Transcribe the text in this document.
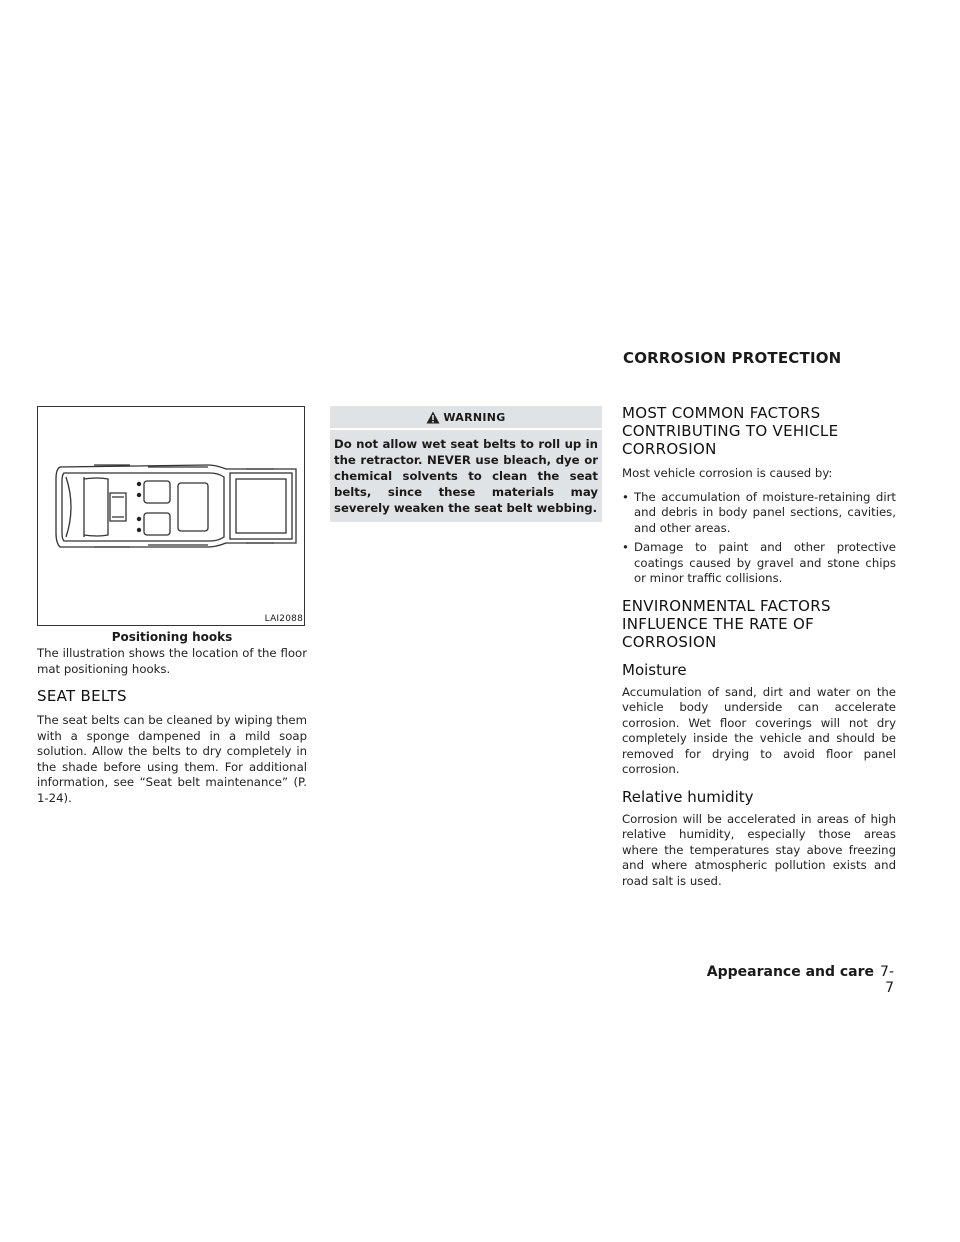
CORROSION PROTECTION
LAI2088
Positioning hooks

The illustration shows the location of the floor mat positioning hooks.

SEAT BELTS

The seat belts can be cleaned by wiping them with a sponge dampened in a mild soap solution. Allow the belts to dry completely in the shade before using them. For additional information, see “Seat belt maintenance” (P. 1-24).

WARNING
Do not allow wet seat belts to roll up in the retractor. NEVER use bleach, dye or chemical solvents to clean the seat belts, since these materials may severely weaken the seat belt webbing.
MOST COMMON FACTORS CONTRIBUTING TO VEHICLE CORROSION

Most vehicle corrosion is caused by:

• The accumulation of moisture-retaining dirt and debris in body panel sections, cavities, and other areas.
• Damage to paint and other protective coatings caused by gravel and stone chips or minor traffic collisions.
ENVIRONMENTAL FACTORS INFLUENCE THE RATE OF CORROSION
Moisture

Accumulation of sand, dirt and water on the vehicle body underside can accelerate corrosion. Wet floor coverings will not dry completely inside the vehicle and should be removed for drying to avoid floor panel corrosion.

Relative humidity

Corrosion will be accelerated in areas of high relative humidity, especially those areas where the temperatures stay above freezing and where atmospheric pollution exists and road salt is used.

Appearance and care 7-7
